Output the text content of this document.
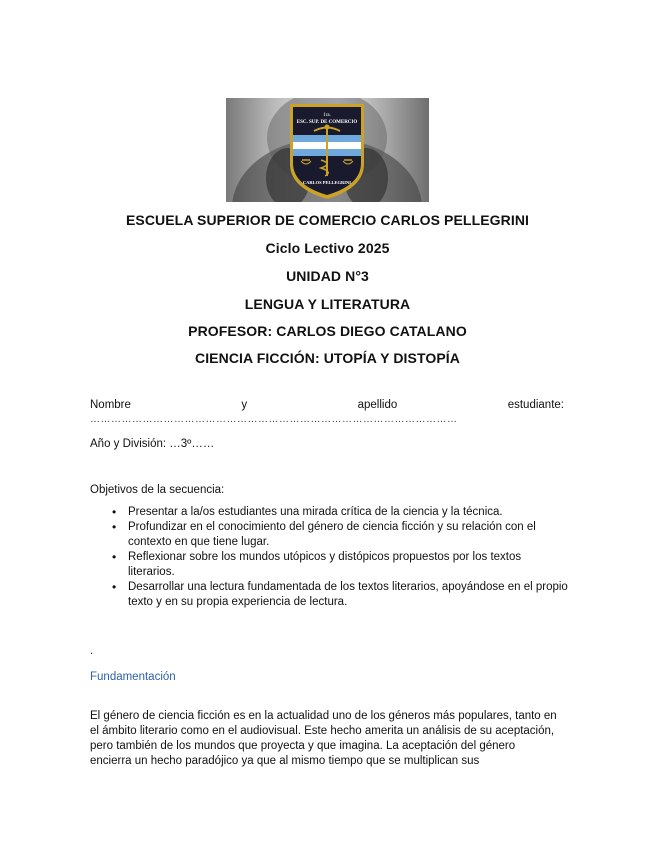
1ra.
ESC. SUP. DE COMERCIO
CARLOS PELLEGRINI
ESCUELA SUPERIOR DE COMERCIO CARLOS PELLEGRINI
Ciclo Lectivo 2025
UNIDAD N°3
LENGUA Y LITERATURA
PROFESOR: CARLOS DIEGO CATALANO
CIENCIA FICCIÓN: UTOPÍA Y DISTOPÍA
Nombre	y	apellido	estudiante:
……………………………………………………………………………………………
Año y División: …3º……
Objetivos de la secuencia:
• Presentar a la/os estudiantes una mirada crítica de la ciencia y la técnica.
• Profundizar en el conocimiento del género de ciencia ficción y su relación con el contexto en que tiene lugar.
• Reflexionar sobre los mundos utópicos y distópicos propuestos por los textos literarios.
• Desarrollar una lectura fundamentada de los textos literarios, apoyándose en el propio texto y en su propia experiencia de lectura.
.
Fundamentación
El género de ciencia ficción es en la actualidad uno de los géneros más populares, tanto en el ámbito literario como en el audiovisual. Este hecho amerita un análisis de su aceptación, pero también de los mundos que proyecta y que imagina. La aceptación del género encierra un hecho paradójico ya que al mismo tiempo que se multiplican sus
